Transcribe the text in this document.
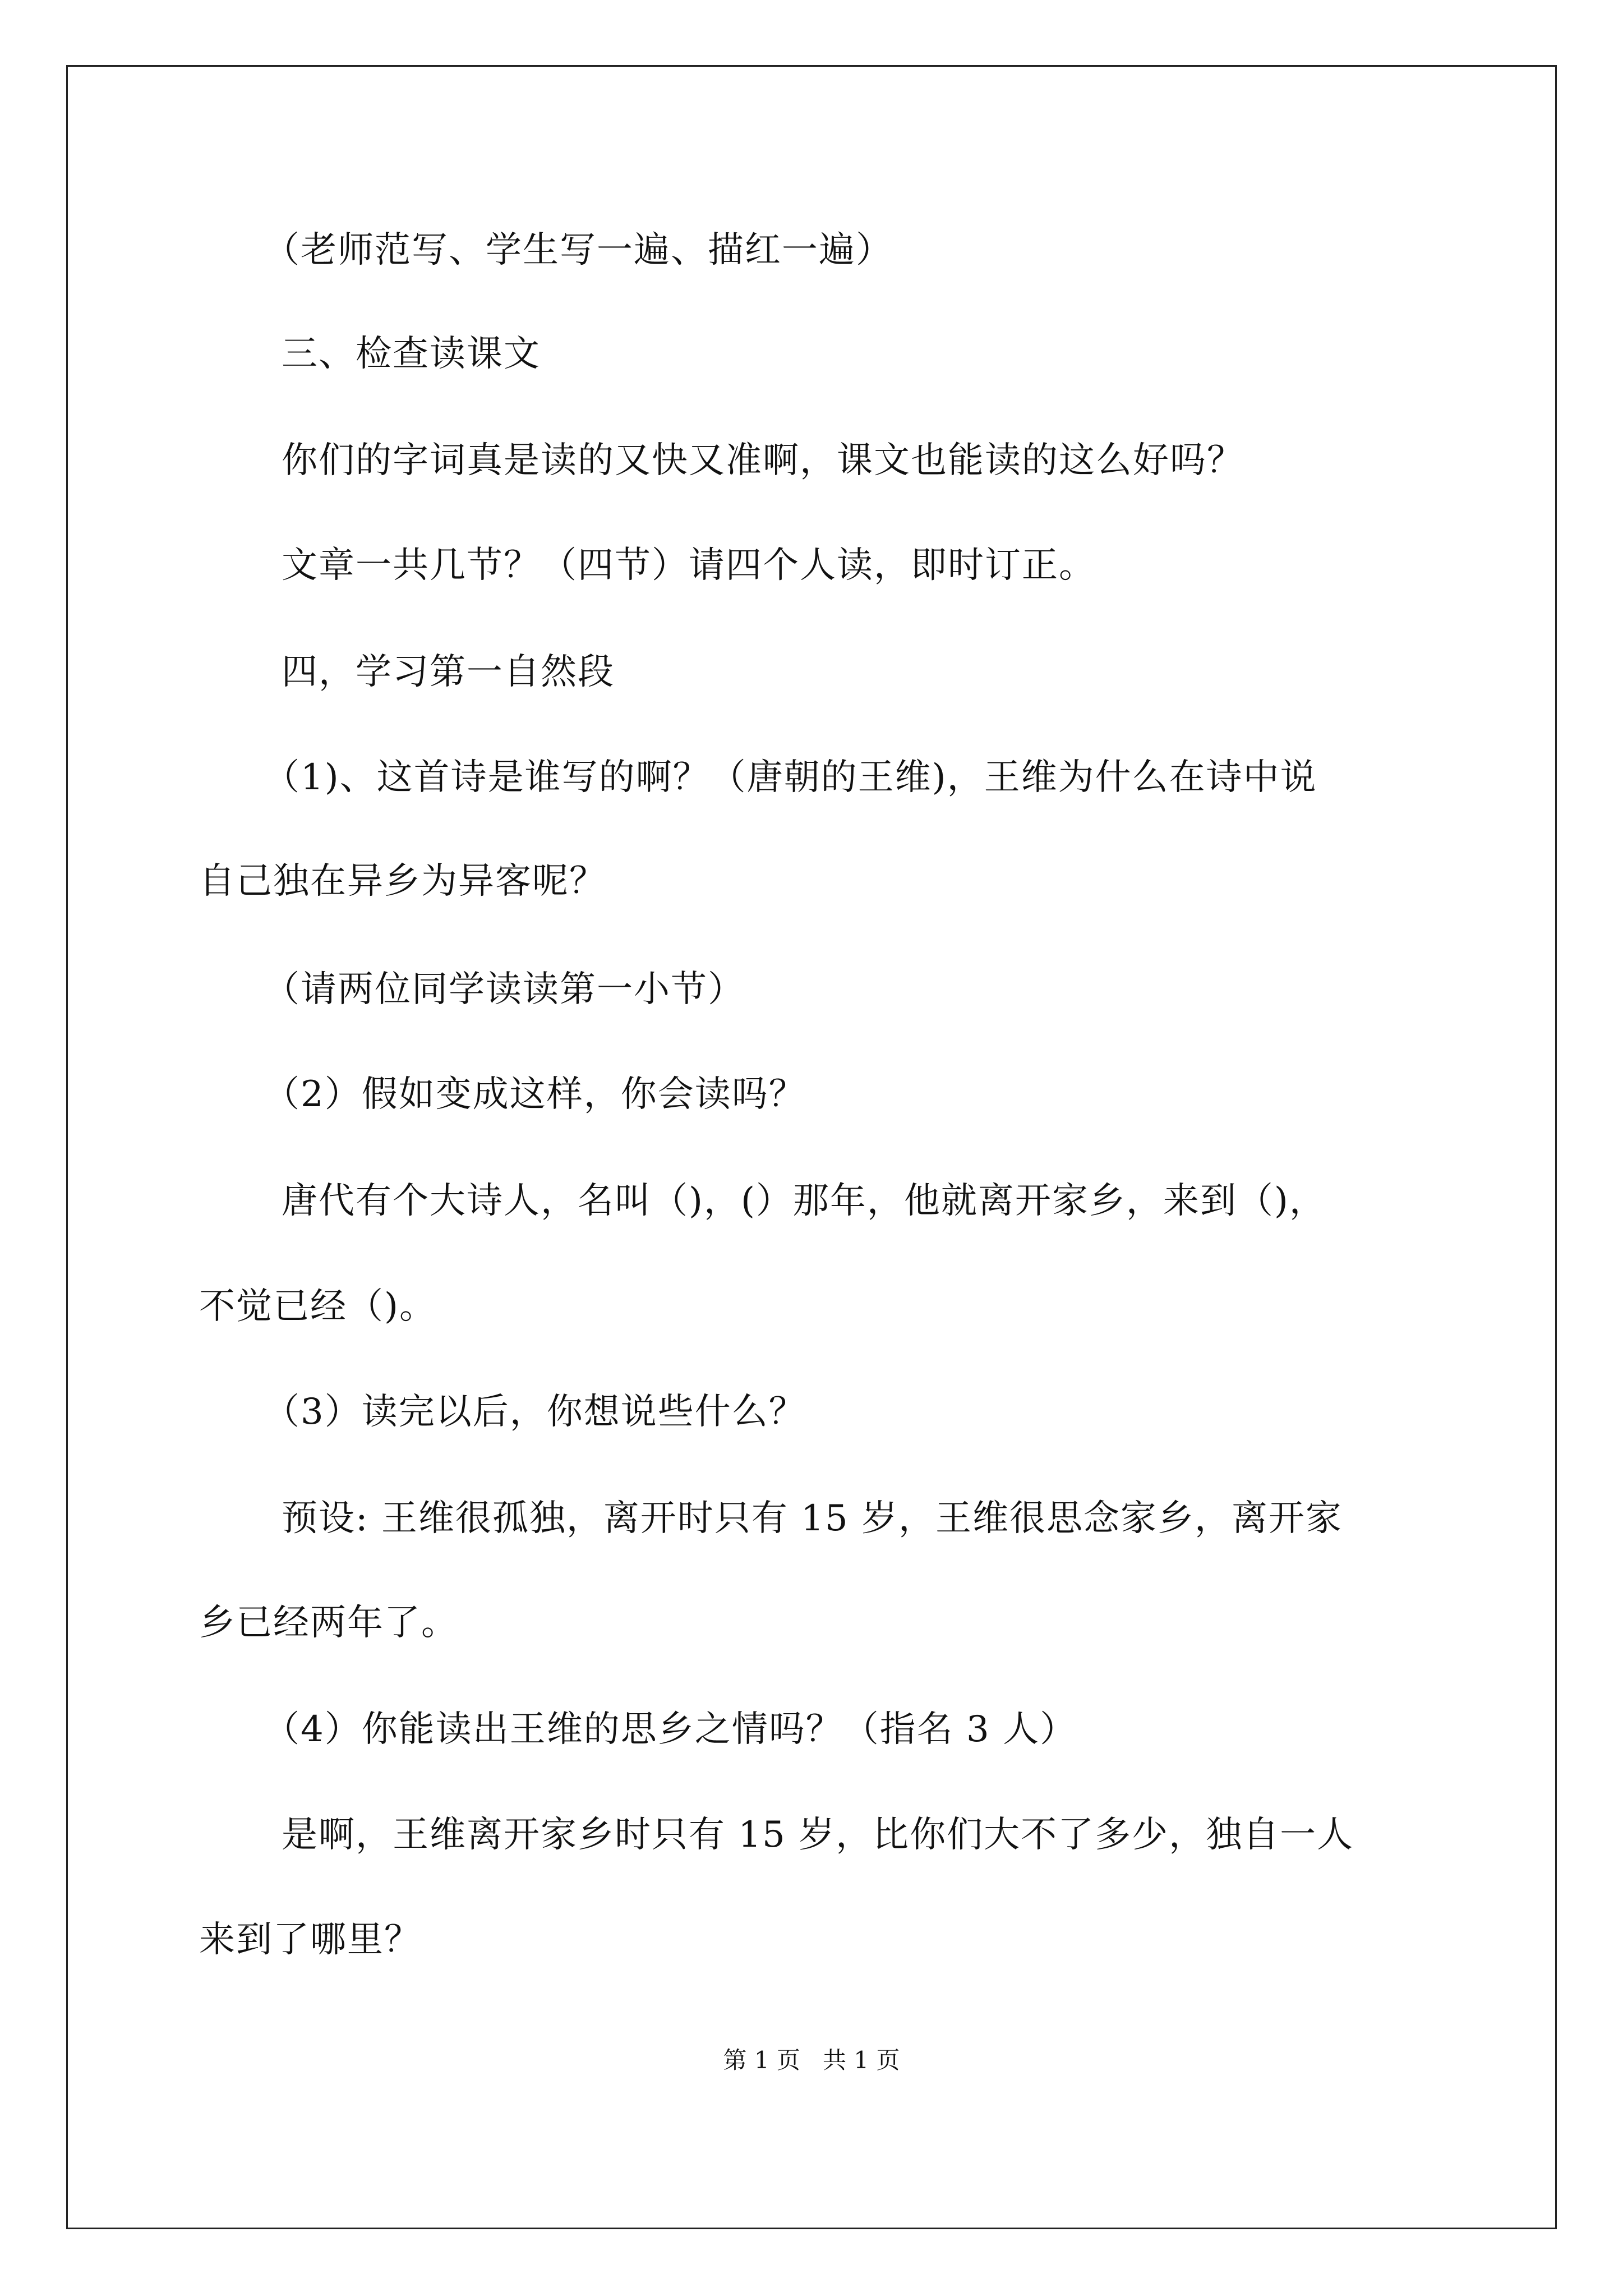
（老师范写、学生写一遍、描红一遍）
三、检查读课文
你们的字词真是读的又快又准啊，课文也能读的这么好吗？
文章一共几节？（四节）请四个人读，即时订正。
四，学习第一自然段
（1)、这首诗是谁写的啊？（唐朝的王维)，王维为什么在诗中说
自己独在异乡为异客呢？
（请两位同学读读第一小节）
（2）假如变成这样，你会读吗？
唐代有个大诗人，名叫（)，(）那年，他就离开家乡，来到（)，
不觉已经（)。
（3）读完以后，你想说些什么？
预设: 王维很孤独，离开时只有 15 岁，王维很思念家乡，离开家
乡已经两年了。
（4）你能读出王维的思乡之情吗？（指名 3 人）
是啊，王维离开家乡时只有 15 岁，比你们大不了多少，独自一人
来到了哪里？
第 1 页   共 1 页
